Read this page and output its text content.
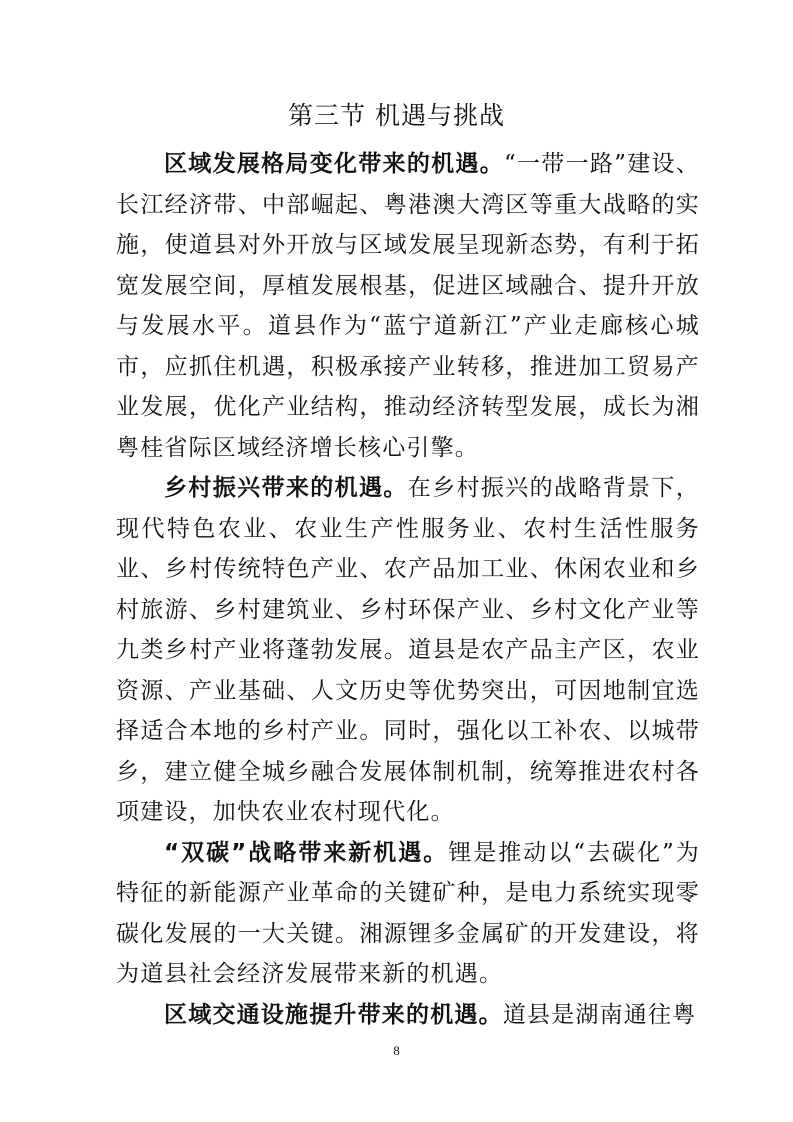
第三节 机遇与挑战

区域发展格局变化带来的机遇。“一带一路”建设、长江经济带、中部崛起、粤港澳大湾区等重大战略的实施，使道县对外开放与区域发展呈现新态势，有利于拓宽发展空间，厚植发展根基，促进区域融合、提升开放与发展水平。道县作为“蓝宁道新江”产业走廊核心城市，应抓住机遇，积极承接产业转移，推进加工贸易产业发展，优化产业结构，推动经济转型发展，成长为湘粤桂省际区域经济增长核心引擎。

乡村振兴带来的机遇。在乡村振兴的战略背景下，现代特色农业、农业生产性服务业、农村生活性服务业、乡村传统特色产业、农产品加工业、休闲农业和乡村旅游、乡村建筑业、乡村环保产业、乡村文化产业等九类乡村产业将蓬勃发展。道县是农产品主产区，农业资源、产业基础、人文历史等优势突出，可因地制宜选择适合本地的乡村产业。同时，强化以工补农、以城带乡，建立健全城乡融合发展体制机制，统筹推进农村各项建设，加快农业农村现代化。

“双碳”战略带来新机遇。锂是推动以“去碳化”为特征的新能源产业革命的关键矿种，是电力系统实现零碳化发展的一大关键。湘源锂多金属矿的开发建设，将为道县社会经济发展带来新的机遇。

区域交通设施提升带来的机遇。道县是湖南通往粤

8
